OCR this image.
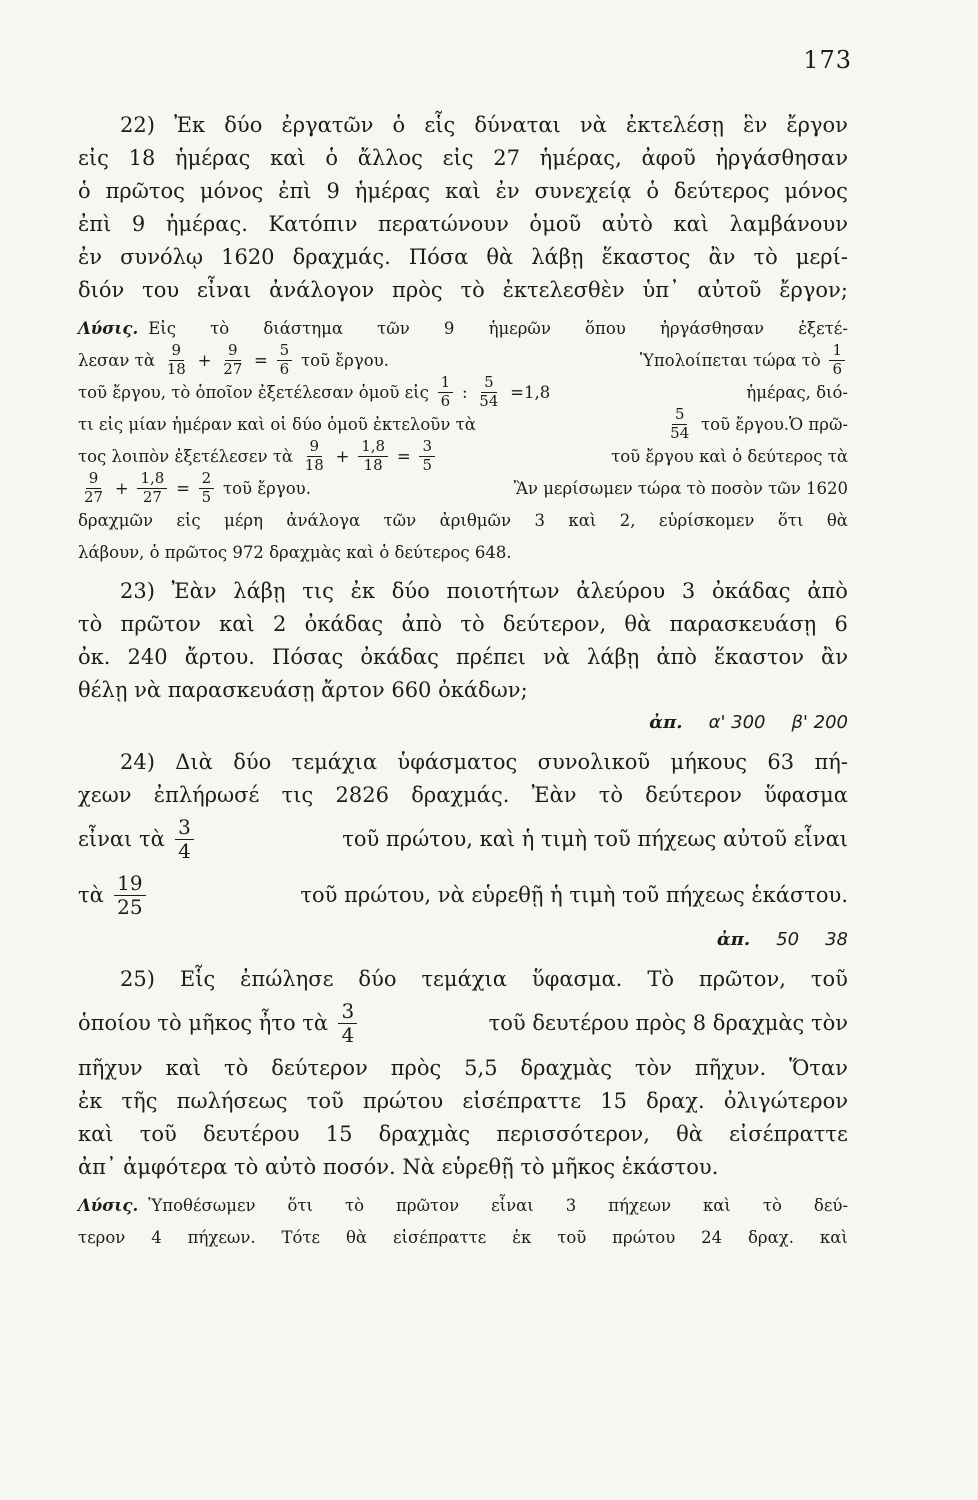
173
22) Ἐκ δύο ἐργατῶν ὁ εἷς δύναται νὰ ἐκτελέσῃ ἓν ἔργον
εἰς 18 ἡμέρας καὶ ὁ ἄλλος εἰς 27 ἡμέρας, ἀφοῦ ἠργάσθησαν
ὁ πρῶτος μόνος ἐπὶ 9 ἡμέρας καὶ ἐν συνεχείᾳ ὁ δεύτερος μόνος
ἐπὶ 9 ἡμέρας. Κατόπιν περατώνουν ὁμοῦ αὐτὸ καὶ λαμβάνουν
ἐν συνόλῳ 1620 δραχμάς. Πόσα θὰ λάβῃ ἕκαστος ἂν τὸ μερί-
διόν του εἶναι ἀνάλογον πρὸς τὸ ἐκτελεσθὲν ὑπ᾽ αὐτοῦ ἔργον;
Λύσις. Εἰς τὸ διάστημα τῶν 9 ἡμερῶν ὅπου ἠργάσθησαν ἐξετέ-
λεσαν τὰ $\frac{9}{18} + \frac{9}{27} = \frac{5}{6}$ τοῦ ἔργου.	Ὑπολοίπεται τώρα τὸ $\frac{1}{6}$
τοῦ ἔργου, τὸ ὁποῖον ἐξετέλεσαν ὁμοῦ εἰς $\frac{1}{6}$ : $\frac{5}{54} =1,8$	ἡμέρας, διό-
τι εἰς μίαν ἡμέραν καὶ οἱ δύο ὁμοῦ ἐκτελοῦν τὰ	$\frac{5}{54}$ τοῦ ἔργου.Ὁ πρῶ-
τος λοιπὸν ἐξετέλεσεν τὰ $\frac{9}{18} + \frac{1,8}{18} = \frac{3}{5}$	τοῦ ἔργου καὶ ὁ δεύτερος τὰ
$\frac{9}{27} + \frac{1,8}{27} = \frac{2}{5}$ τοῦ ἔργου.	Ἂν μερίσωμεν τώρα τὸ ποσὸν τῶν 1620
δραχμῶν εἰς μέρη ἀνάλογα τῶν ἀριθμῶν 3 καὶ 2, εὑρίσκομεν ὅτι θὰ
λάβουν, ὁ πρῶτος 972 δραχμὰς καὶ ὁ δεύτερος 648.
23) Ἐὰν λάβῃ τις ἐκ δύο ποιοτήτων ἀλεύρου 3 ὀκάδας ἀπὸ
τὸ πρῶτον καὶ 2 ὀκάδας ἀπὸ τὸ δεύτερον, θὰ παρασκευάσῃ 6
ὀκ. 240 ἄρτου. Πόσας ὀκάδας πρέπει νὰ λάβῃ ἀπὸ ἕκαστον ἂν
θέλῃ νὰ παρασκευάσῃ ἄρτον 660 ὀκάδων;
ἀπ. α' 300 β' 200
24) Διὰ δύο τεμάχια ὑφάσματος συνολικοῦ μήκους 63 πή-
χεων ἐπλήρωσέ τις 2826 δραχμάς. Ἐὰν τὸ δεύτερον ὕφασμα
εἶναι τὰ $\frac{3}{4}$	τοῦ πρώτου, καὶ ἡ τιμὴ τοῦ πήχεως αὐτοῦ εἶναι
τὰ $\frac{19}{25}$	τοῦ πρώτου, νὰ εὑρεθῇ ἡ τιμὴ τοῦ πήχεως ἑκάστου.
ἀπ. 50 38
25) Εἷς ἐπώλησε δύο τεμάχια ὕφασμα. Τὸ πρῶτον, τοῦ
ὁποίου τὸ μῆκος ἦτο τὰ $\frac{3}{4}$	τοῦ δευτέρου πρὸς 8 δραχμὰς τὸν
πῆχυν καὶ τὸ δεύτερον πρὸς 5,5 δραχμὰς τὸν πῆχυν. Ὅταν
ἐκ τῆς πωλήσεως τοῦ πρώτου εἰσέπραττε 15 δραχ. ὀλιγώτερον
καὶ τοῦ δευτέρου 15 δραχμὰς περισσότερον, θὰ εἰσέπραττε
ἀπ᾽ ἀμφότερα τὸ αὐτὸ ποσόν. Νὰ εὑρεθῇ τὸ μῆκος ἑκάστου.
Λύσις. Ὑποθέσωμεν ὅτι τὸ πρῶτον εἶναι 3 πήχεων καὶ τὸ δεύ-
τερον 4 πήχεων. Τότε θὰ εἰσέπραττε ἐκ τοῦ πρώτου 24 δραχ. καὶ
